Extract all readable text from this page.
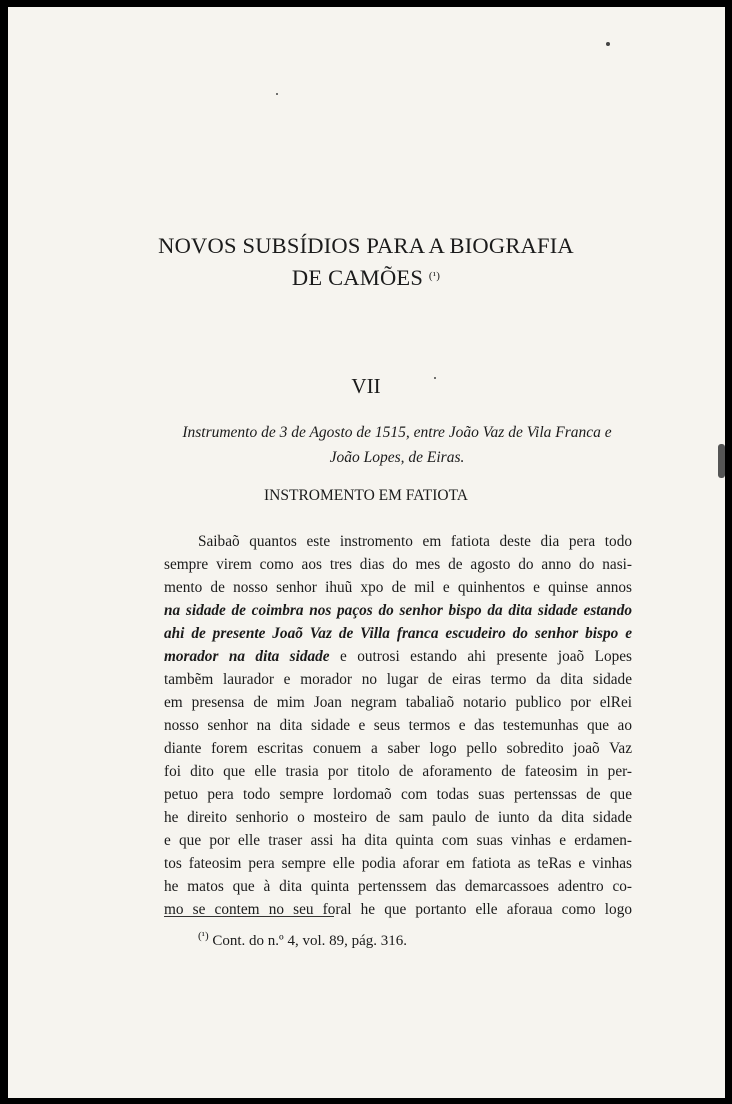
NOVOS SUBSÍDIOS PARA A BIOGRAFIA
DE CAMÕES $^{(^1)}$
VII
Instrumento de 3 de Agosto de 1515, entre João Vaz de Vila Franca e
João Lopes, de Eiras.
INSTROMENTO EM FATIOTA
Saibaõ quantos este instromento em fatiota deste dia pera todo
sempre virem como aos tres dias do mes de agosto do anno do nasi-
mento de nosso senhor ihuũ xpo de mil e quinhentos e quinse annos
na sidade de coimbra nos paços do senhor bispo da dita sidade estando
ahi de presente Joaõ Vaz de Villa franca escudeiro do senhor bispo e
morador na dita sidade e outrosi estando ahi presente joaõ Lopes
tambẽm laurador e morador no lugar de eiras termo da dita sidade
em presensa de mim Joan negram tabaliaõ notario publico por elRei
nosso senhor na dita sidade e seus termos e das testemunhas que ao
diante forem escritas conuem a saber logo pello sobredito joaõ Vaz
foi dito que elle trasia por titolo de aforamento de fateosim in per-
petuo pera todo sempre lordomaõ com todas suas pertenssas de que
he direito senhorio o mosteiro de sam paulo de iunto da dita sidade
e que por elle traser assi ha dita quinta com suas vinhas e erdamen-
tos fateosim pera sempre elle podia aforar em fatiota as teRas e vinhas
he matos que à dita quinta pertenssem das demarcassoes adentro co-
mo se contem no seu foral he que portanto elle aforaua como logo
$^{(^1)}$ Cont. do n.º 4, vol. 89, pág. 316.
